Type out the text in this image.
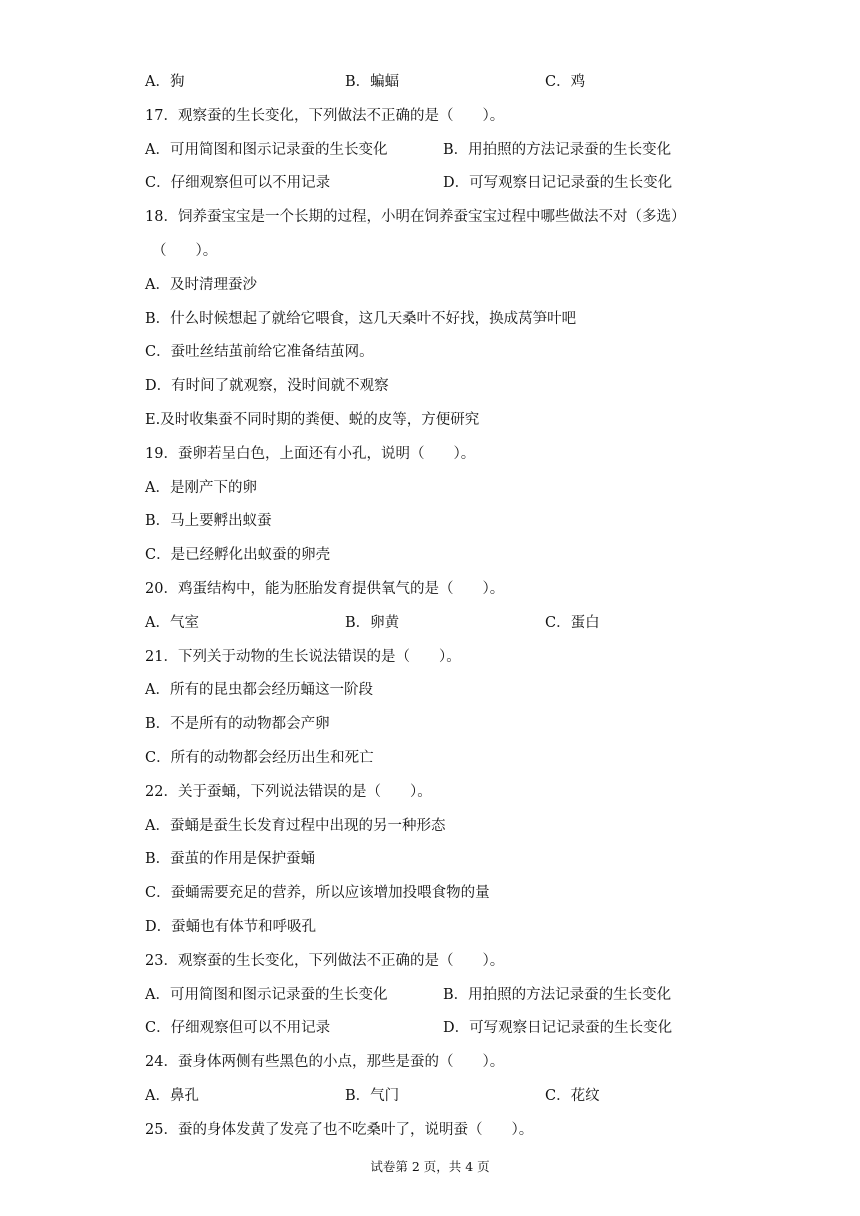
A．狗	B．蝙蝠	C．鸡
17．观察蚕的生长变化，下列做法不正确的是（　　）。
A．可用简图和图示记录蚕的生长变化	B．用拍照的方法记录蚕的生长变化
C．仔细观察但可以不用记录	D．可写观察日记记录蚕的生长变化
18．饲养蚕宝宝是一个长期的过程，小明在饲养蚕宝宝过程中哪些做法不对（多选）
（　　）。
A．及时清理蚕沙
B．什么时候想起了就给它喂食，这几天桑叶不好找，换成莴笋叶吧
C．蚕吐丝结茧前给它准备结茧网。
D．有时间了就观察，没时间就不观察
E.及时收集蚕不同时期的粪便、蜕的皮等，方便研究
19．蚕卵若呈白色，上面还有小孔，说明（　　）。
A．是刚产下的卵
B．马上要孵出蚁蚕
C．是已经孵化出蚁蚕的卵壳
20．鸡蛋结构中，能为胚胎发育提供氧气的是（　　）。
A．气室	B．卵黄	C．蛋白
21．下列关于动物的生长说法错误的是（　　）。
A．所有的昆虫都会经历蛹这一阶段
B．不是所有的动物都会产卵
C．所有的动物都会经历出生和死亡
22．关于蚕蛹，下列说法错误的是（　　）。
A．蚕蛹是蚕生长发育过程中出现的另一种形态
B．蚕茧的作用是保护蚕蛹
C．蚕蛹需要充足的营养，所以应该增加投喂食物的量
D．蚕蛹也有体节和呼吸孔
23．观察蚕的生长变化，下列做法不正确的是（　　）。
A．可用简图和图示记录蚕的生长变化	B．用拍照的方法记录蚕的生长变化
C．仔细观察但可以不用记录	D．可写观察日记记录蚕的生长变化
24．蚕身体两侧有些黑色的小点，那些是蚕的（　　）。
A．鼻孔	B．气门	C．花纹
25．蚕的身体发黄了发亮了也不吃桑叶了，说明蚕（　　）。
试卷第 2 页，共 4 页
